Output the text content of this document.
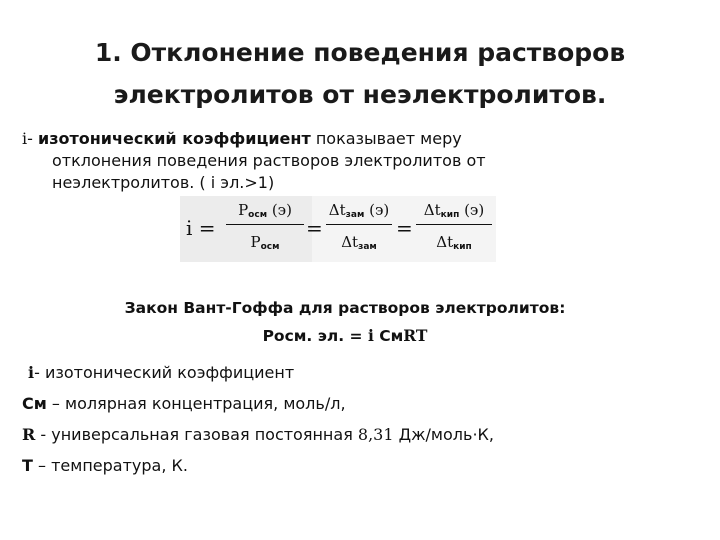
1. Отклонение поведения растворов
электролитов от неэлектролитов.
i- изотонический коэффициент показывает меру
отклонения поведения растворов электролитов от
неэлектролитов. ( i эл.>1)
i =
$P_{осм}$ (э)
$P_{осм}$
=
$\Delta t_{зам}$ (э)
$\Delta t_{зам}$
=
$\Delta t_{кип}$ (э)
$\Delta t_{кип}$
Закон Вант-Гоффа для растворов электролитов:
Росм. эл. = i СмRT
i- изотонический коэффициент
См – молярная концентрация, моль/л,
R - универсальная газовая постоянная 8,31 Дж/моль·К,
Т – температура, К.
